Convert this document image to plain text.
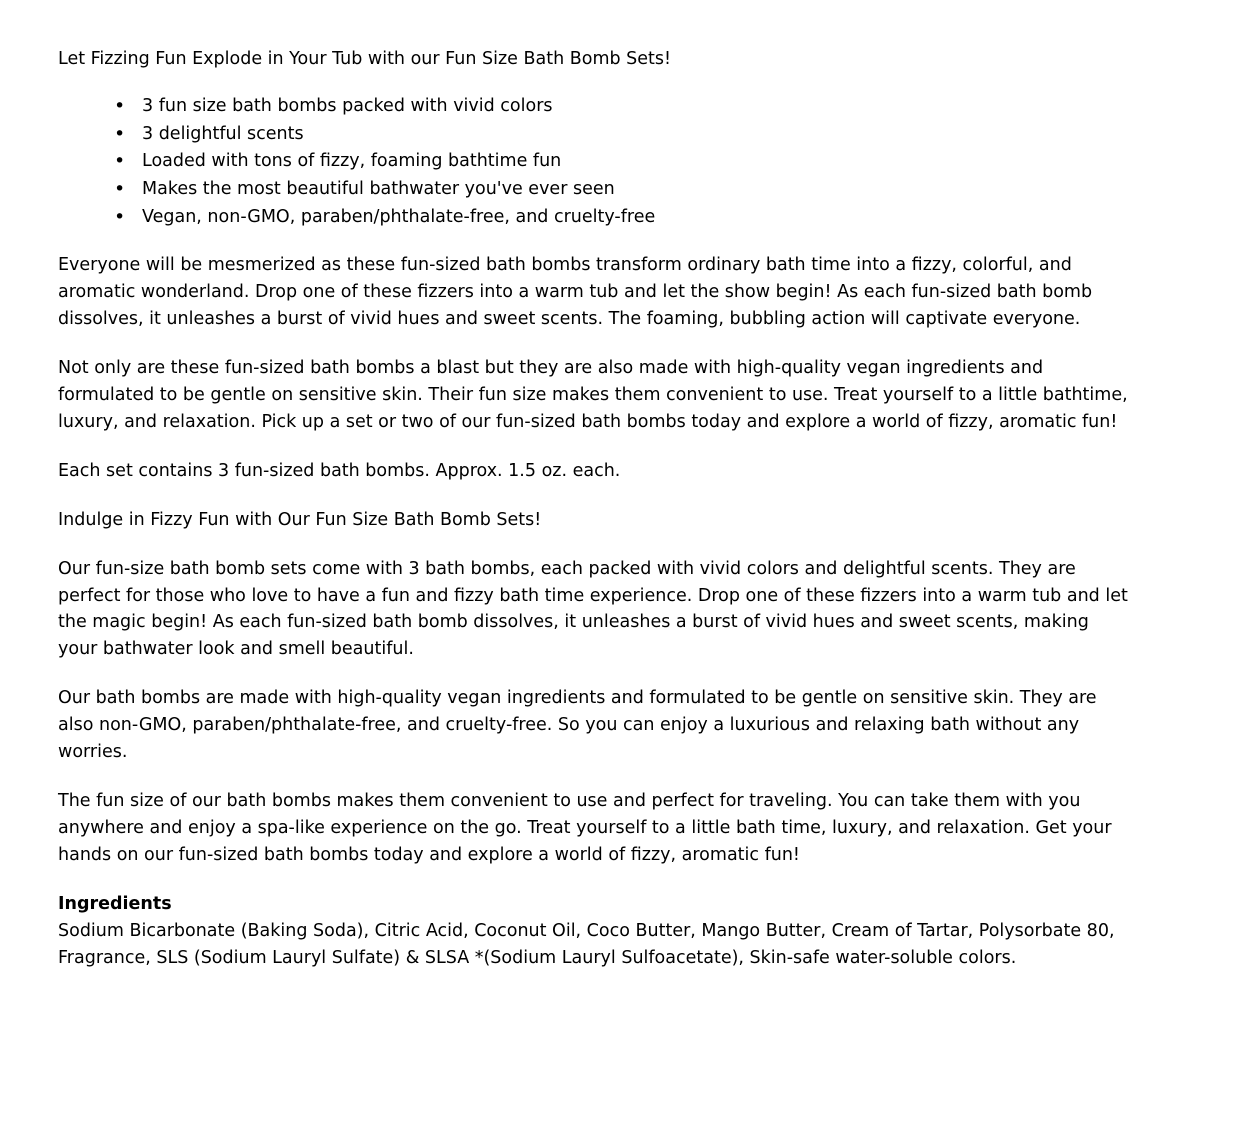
Let Fizzing Fun Explode in Your Tub with our Fun Size Bath Bomb Sets!

• 3 fun size bath bombs packed with vivid colors
• 3 delightful scents
• Loaded with tons of fizzy, foaming bathtime fun
• Makes the most beautiful bathwater you've ever seen
• Vegan, non-GMO, paraben/phthalate-free, and cruelty-free

Everyone will be mesmerized as these fun-sized bath bombs transform ordinary bath time into a fizzy, colorful, and aromatic wonderland. Drop one of these fizzers into a warm tub and let the show begin! As each fun-sized bath bomb dissolves, it unleashes a burst of vivid hues and sweet scents. The foaming, bubbling action will captivate everyone.

Not only are these fun-sized bath bombs a blast but they are also made with high-quality vegan ingredients and formulated to be gentle on sensitive skin. Their fun size makes them convenient to use. Treat yourself to a little bathtime, luxury, and relaxation. Pick up a set or two of our fun-sized bath bombs today and explore a world of fizzy, aromatic fun!

Each set contains 3 fun-sized bath bombs. Approx. 1.5 oz. each.

Indulge in Fizzy Fun with Our Fun Size Bath Bomb Sets!

Our fun-size bath bomb sets come with 3 bath bombs, each packed with vivid colors and delightful scents. They are perfect for those who love to have a fun and fizzy bath time experience. Drop one of these fizzers into a warm tub and let the magic begin! As each fun-sized bath bomb dissolves, it unleashes a burst of vivid hues and sweet scents, making your bathwater look and smell beautiful.

Our bath bombs are made with high-quality vegan ingredients and formulated to be gentle on sensitive skin. They are also non-GMO, paraben/phthalate-free, and cruelty-free. So you can enjoy a luxurious and relaxing bath without any worries.

The fun size of our bath bombs makes them convenient to use and perfect for traveling. You can take them with you anywhere and enjoy a spa-like experience on the go. Treat yourself to a little bath time, luxury, and relaxation. Get your hands on our fun-sized bath bombs today and explore a world of fizzy, aromatic fun!

Ingredients

Sodium Bicarbonate (Baking Soda), Citric Acid, Coconut Oil, Coco Butter, Mango Butter, Cream of Tartar, Polysorbate 80, Fragrance, SLS (Sodium Lauryl Sulfate) & SLSA *(Sodium Lauryl Sulfoacetate), Skin-safe water-soluble colors.
